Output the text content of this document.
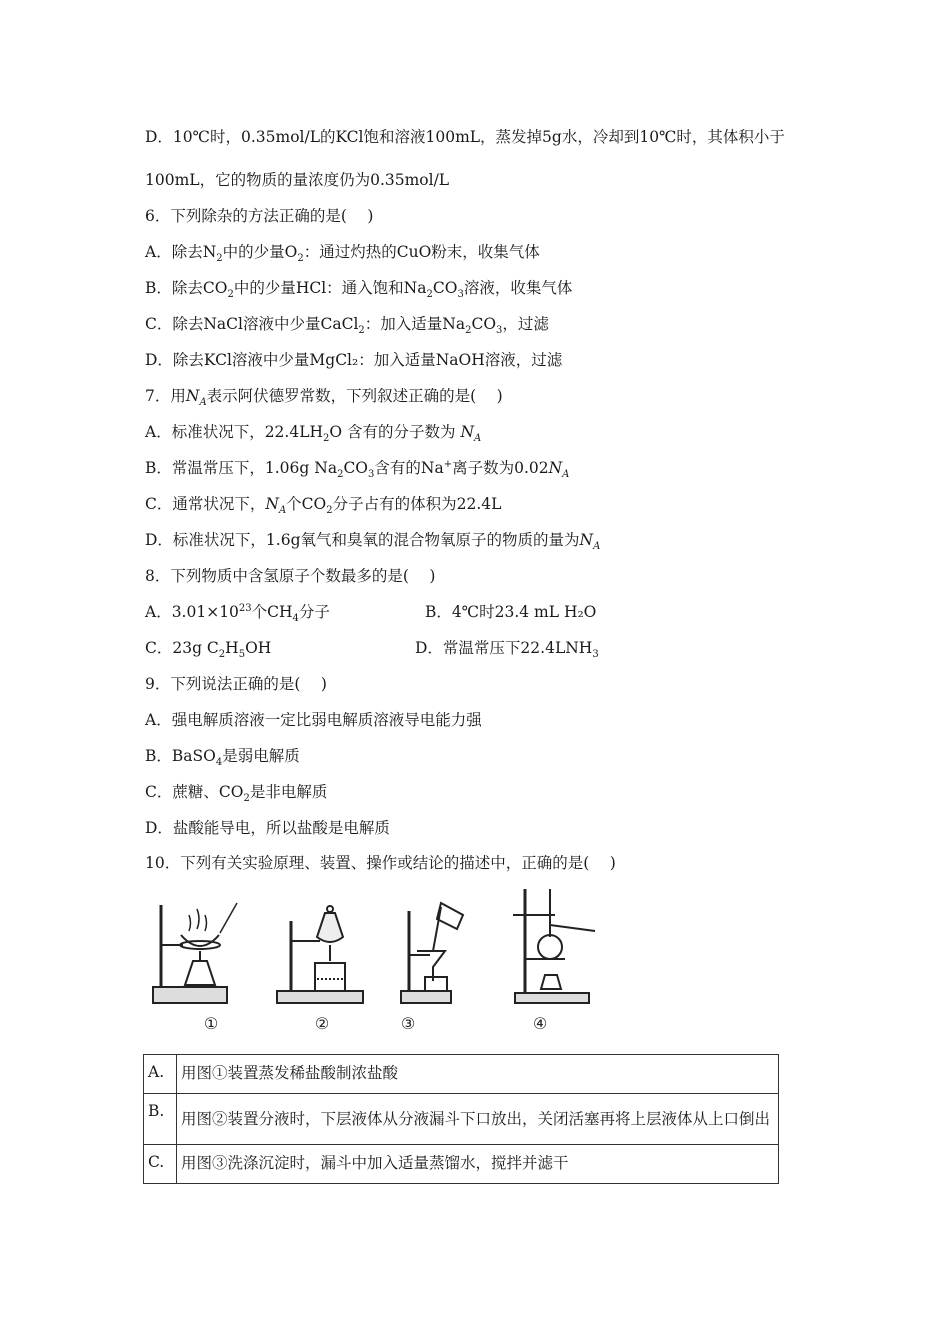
D．10℃时，0.35mol/L的KCl饱和溶液100mL，蒸发掉5g水，冷却到10℃时，其体积小于
100mL，它的物质的量浓度仍为0.35mol/L
6．下列除杂的方法正确的是(　 )
A．除去$N_2$中的少量$O_2$：通过灼热的CuO粉末，收集气体
B．除去$CO_2$中的少量HCl：通入饱和$Na_2CO_3$溶液，收集气体
C．除去NaCl溶液中少量CaCl$_2$：加入适量$Na_2CO_3$，过滤
D．除去KCl溶液中少量MgCl₂：加入适量NaOH溶液，过滤
7．用$N_A$表示阿伏德罗常数，下列叙述正确的是(　 )
A．标准状况下，$22.4LH_2O$ 含有的分子数为 $N_A$
B．常温常压下，1.06g $Na_2CO_3$含有的Na+离子数为$0.02N_A$
C．通常状况下，$N_A$个$CO_2$分子占有的体积为22.4L
D．标准状况下，1.6g氧气和臭氧的混合物氧原子的物质的量为$N_A$
8．下列物质中含氢原子个数最多的是(　 )
A．$3.01\times 10^{23}$个$CH_4$分子	B．4℃时23.4 mL H₂O
C．23g $C_2H_5OH$	D．常温常压下$22.4LNH_3$
9．下列说法正确的是(　 )
A．强电解质溶液一定比弱电解质溶液导电能力强
B．BaSO$_4$是弱电解质
C．蔗糖、$CO_2$是非电解质
D．盐酸能导电，所以盐酸是电解质
10．下列有关实验原理、装置、操作或结论的描述中，正确的是(　 )
①	②	③	④
A.	用图①装置蒸发稀盐酸制浓盐酸
B.	用图②装置分液时，下层液体从分液漏斗下口放出，关闭活塞再将上层液体从上口倒出
C.	用图③洗涤沉淀时，漏斗中加入适量蒸馏水，搅拌并滤干
